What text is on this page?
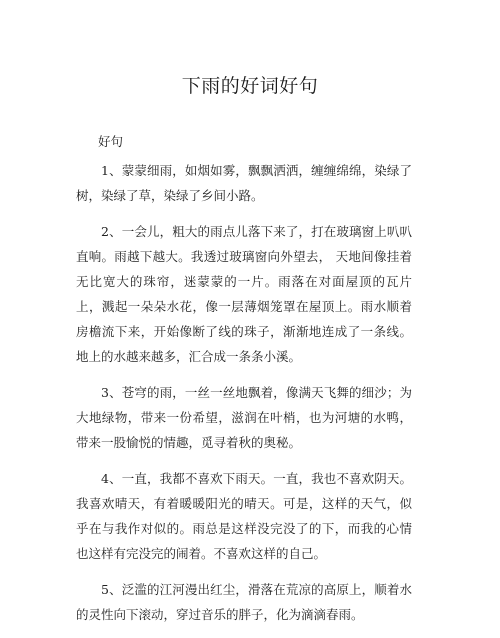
下雨的好词好句
好句

1、蒙蒙细雨，如烟如雾，飘飘洒洒，缠缠绵绵，染绿了树，染绿了草，染绿了乡间小路。

2、一会儿，粗大的雨点儿落下来了，打在玻璃窗上叭叭直响。雨越下越大。我透过玻璃窗向外望去， 天地间像挂着无比宽大的珠帘，迷蒙蒙的一片。雨落在对面屋顶的瓦片上，溅起一朵朵水花，像一层薄烟笼罩在屋顶上。雨水顺着房檐流下来，开始像断了线的珠子，渐渐地连成了一条线。地上的水越来越多，汇合成一条条小溪。

3、苍穹的雨，一丝一丝地飘着，像满天飞舞的细沙；为大地绿物，带来一份希望，滋润在叶梢，也为河塘的水鸭，带来一股愉悦的情趣，觅寻着秋的奥秘。

4、一直，我都不喜欢下雨天。一直，我也不喜欢阴天。我喜欢晴天，有着暖暖阳光的晴天。可是，这样的天气，似乎在与我作对似的。雨总是这样没完没了的下，而我的心情也这样有完没完的闹着。不喜欢这样的自己。

5、泛滥的江河漫出红尘，滑落在荒凉的高原上，顺着水的灵性向下滚动，穿过音乐的胖子，化为滴滴春雨。
